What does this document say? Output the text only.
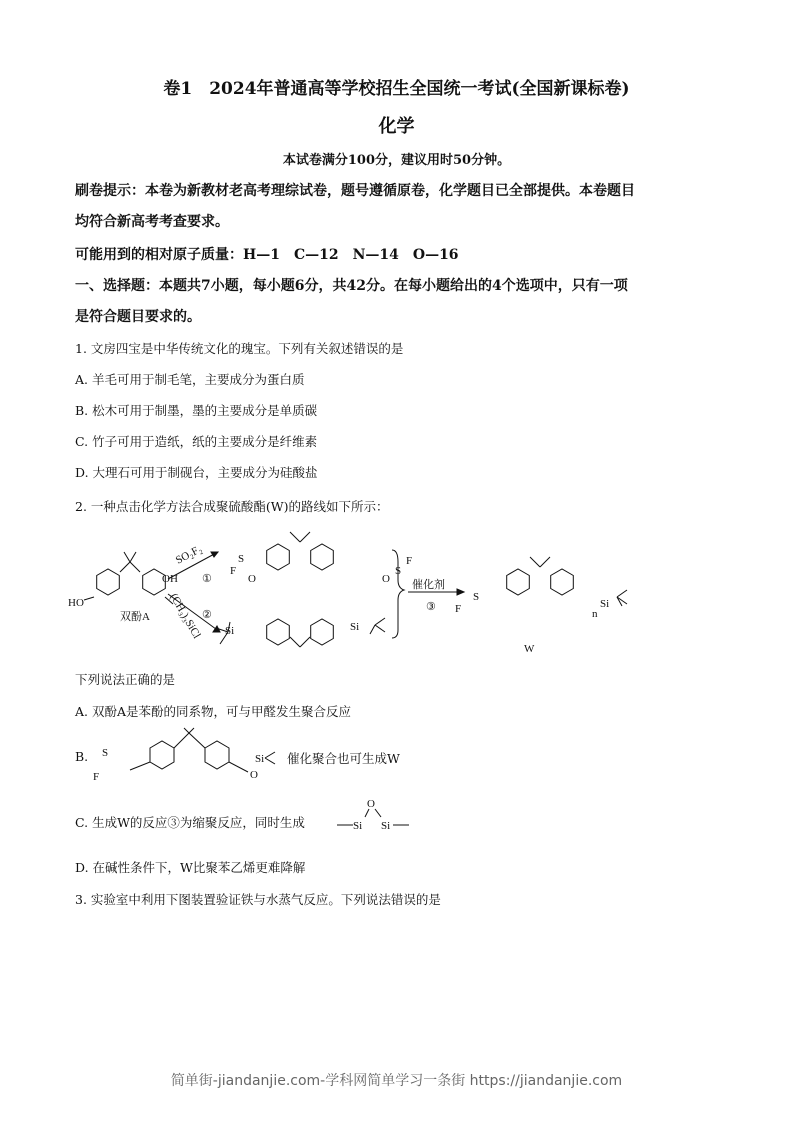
卷1　2024年普通高等学校招生全国统一考试(全国新课标卷)
化学
本试卷满分100分，建议用时50分钟。
刷卷提示：本卷为新教材老高考理综试卷，题号遵循原卷，化学题目已全部提供。本卷题目
均符合新高考考查要求。
可能用到的相对原子质量：H—1　C—12　N—14　O—16
一、选择题：本题共7小题，每小题6分，共42分。在每小题给出的4个选项中，只有一项
是符合题目要求的。
1. 文房四宝是中华传统文化的瑰宝。下列有关叙述错误的是
A. 羊毛可用于制毛笔，主要成分为蛋白质
B. 松木可用于制墨，墨的主要成分是单质碳
C. 竹子可用于造纸，纸的主要成分是纤维素
D. 大理石可用于制砚台，主要成分为硅酸盐
2. 一种点击化学方法合成聚硫酸酯(W)的路线如下所示：
HO
OH
双酚A
SO₂F₂
①
②
(CH₃)₃SiCl
F
S
O
S
F
O
Si	Si
催化剂
③ F
S
Si
n
W
下列说法正确的是
A. 双酚A是苯酚的同系物，可与甲醛发生聚合反应
B. S
F	O
Si 催化聚合也可生成W
C. 生成W的反应③为缩聚反应，同时生成
O
Si Si
D. 在碱性条件下，W比聚苯乙烯更难降解
3. 实验室中利用下图装置验证铁与水蒸气反应。下列说法错误的是
简单街-jiandanjie.com-学科网简单学习一条街 https://jiandanjie.com
